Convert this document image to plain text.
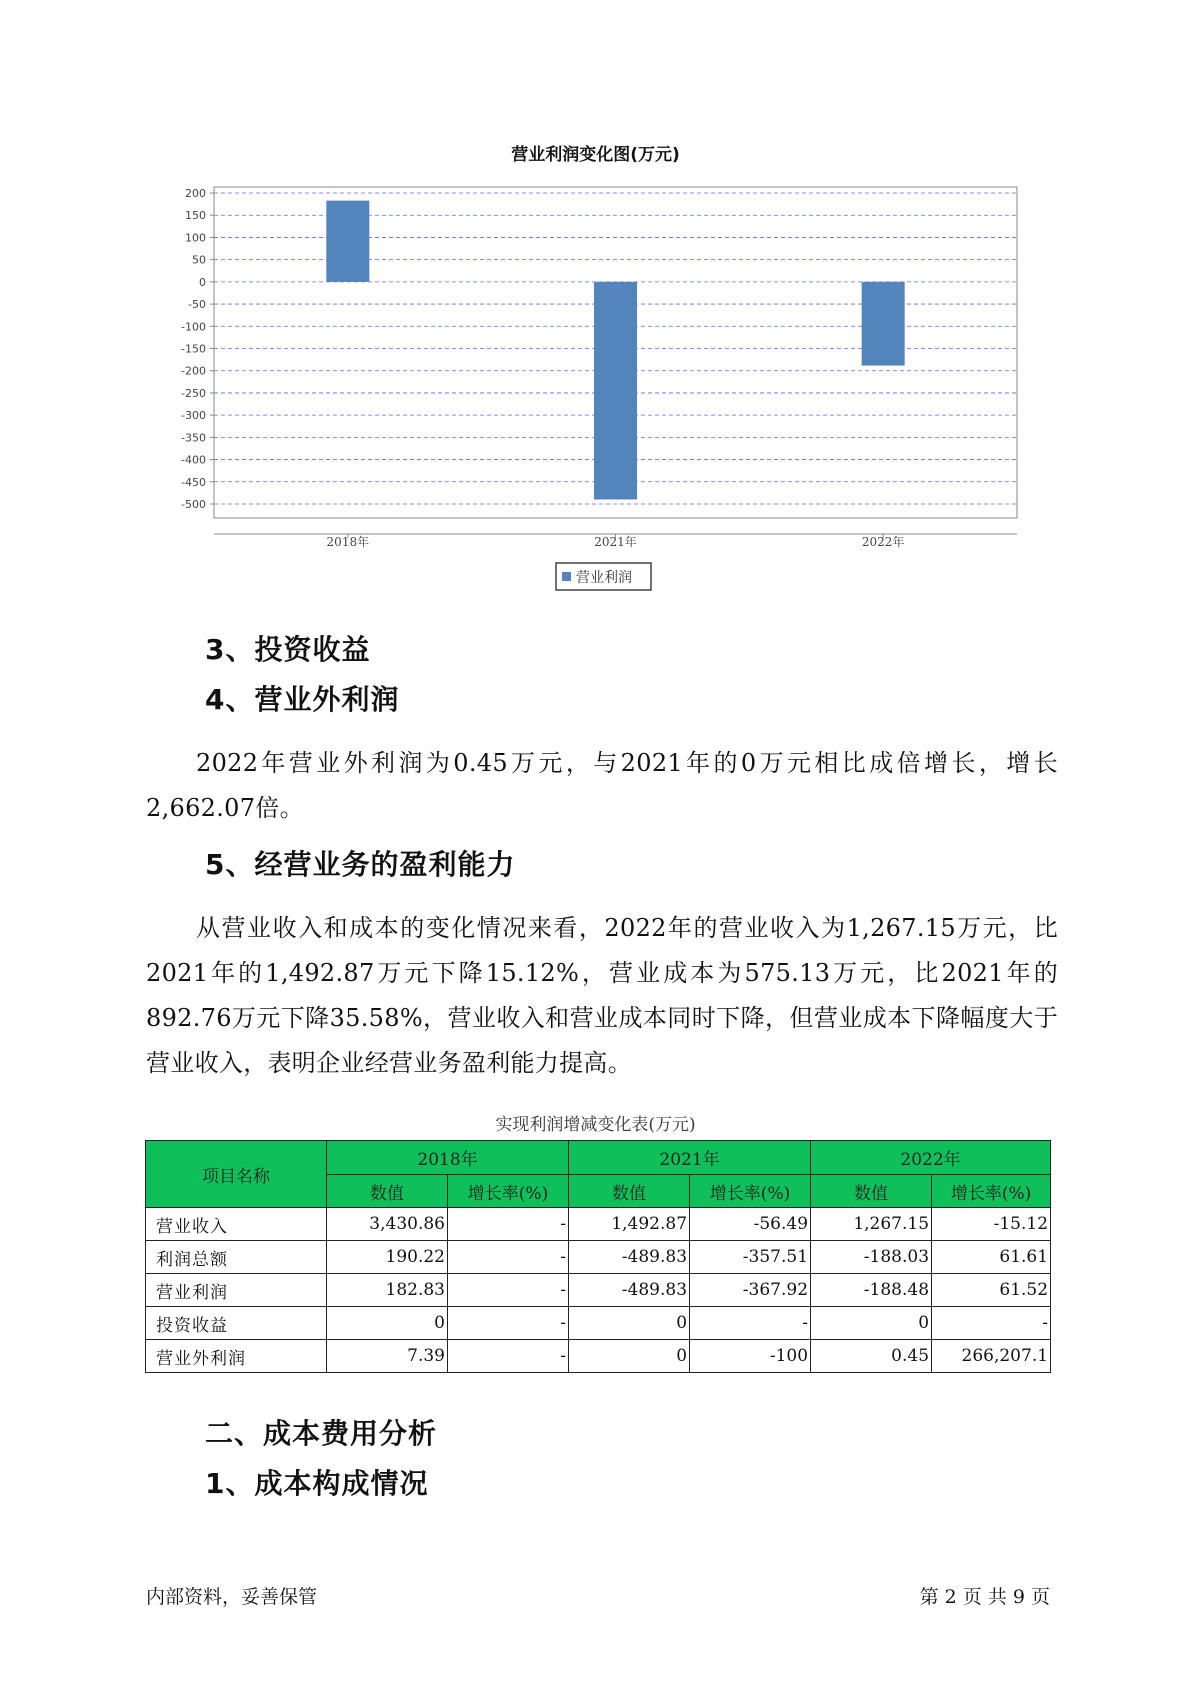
营业利润变化图(万元)
200
150
100
50
0
-50
-100
-150
-200
-250
-300
-350
-400
-450
-500
2018年	2021年	2022年
营业利润
3、投资收益
4、营业外利润

2022年营业外利润为0.45万元，与2021年的0万元相比成倍增长，增长2,662.07倍。

5、经营业务的盈利能力

从营业收入和成本的变化情况来看，2022年的营业收入为1,267.15万元，比2021年的1,492.87万元下降15.12%，营业成本为575.13万元，比2021年的892.76万元下降35.58%，营业收入和营业成本同时下降，但营业成本下降幅度大于营业收入，表明企业经营业务盈利能力提高。

实现利润增减变化表(万元)
项目名称	2018年		2021年		2022年	
	数值	增长率(%)	数值	增长率(%)	数值	增长率(%)
营业收入	3,430.86	-	1,492.87	-56.49	1,267.15	-15.12
利润总额	190.22	-	-489.83	-357.51	-188.03	61.61
营业利润	182.83	-	-489.83	-367.92	-188.48	61.52
投资收益	0	-	0	-	0	-
营业外利润	7.39	-	0	-100	0.45	266,207.1
二、成本费用分析
1、成本构成情况
内部资料，妥善保管	第 2 页 共 9 页
